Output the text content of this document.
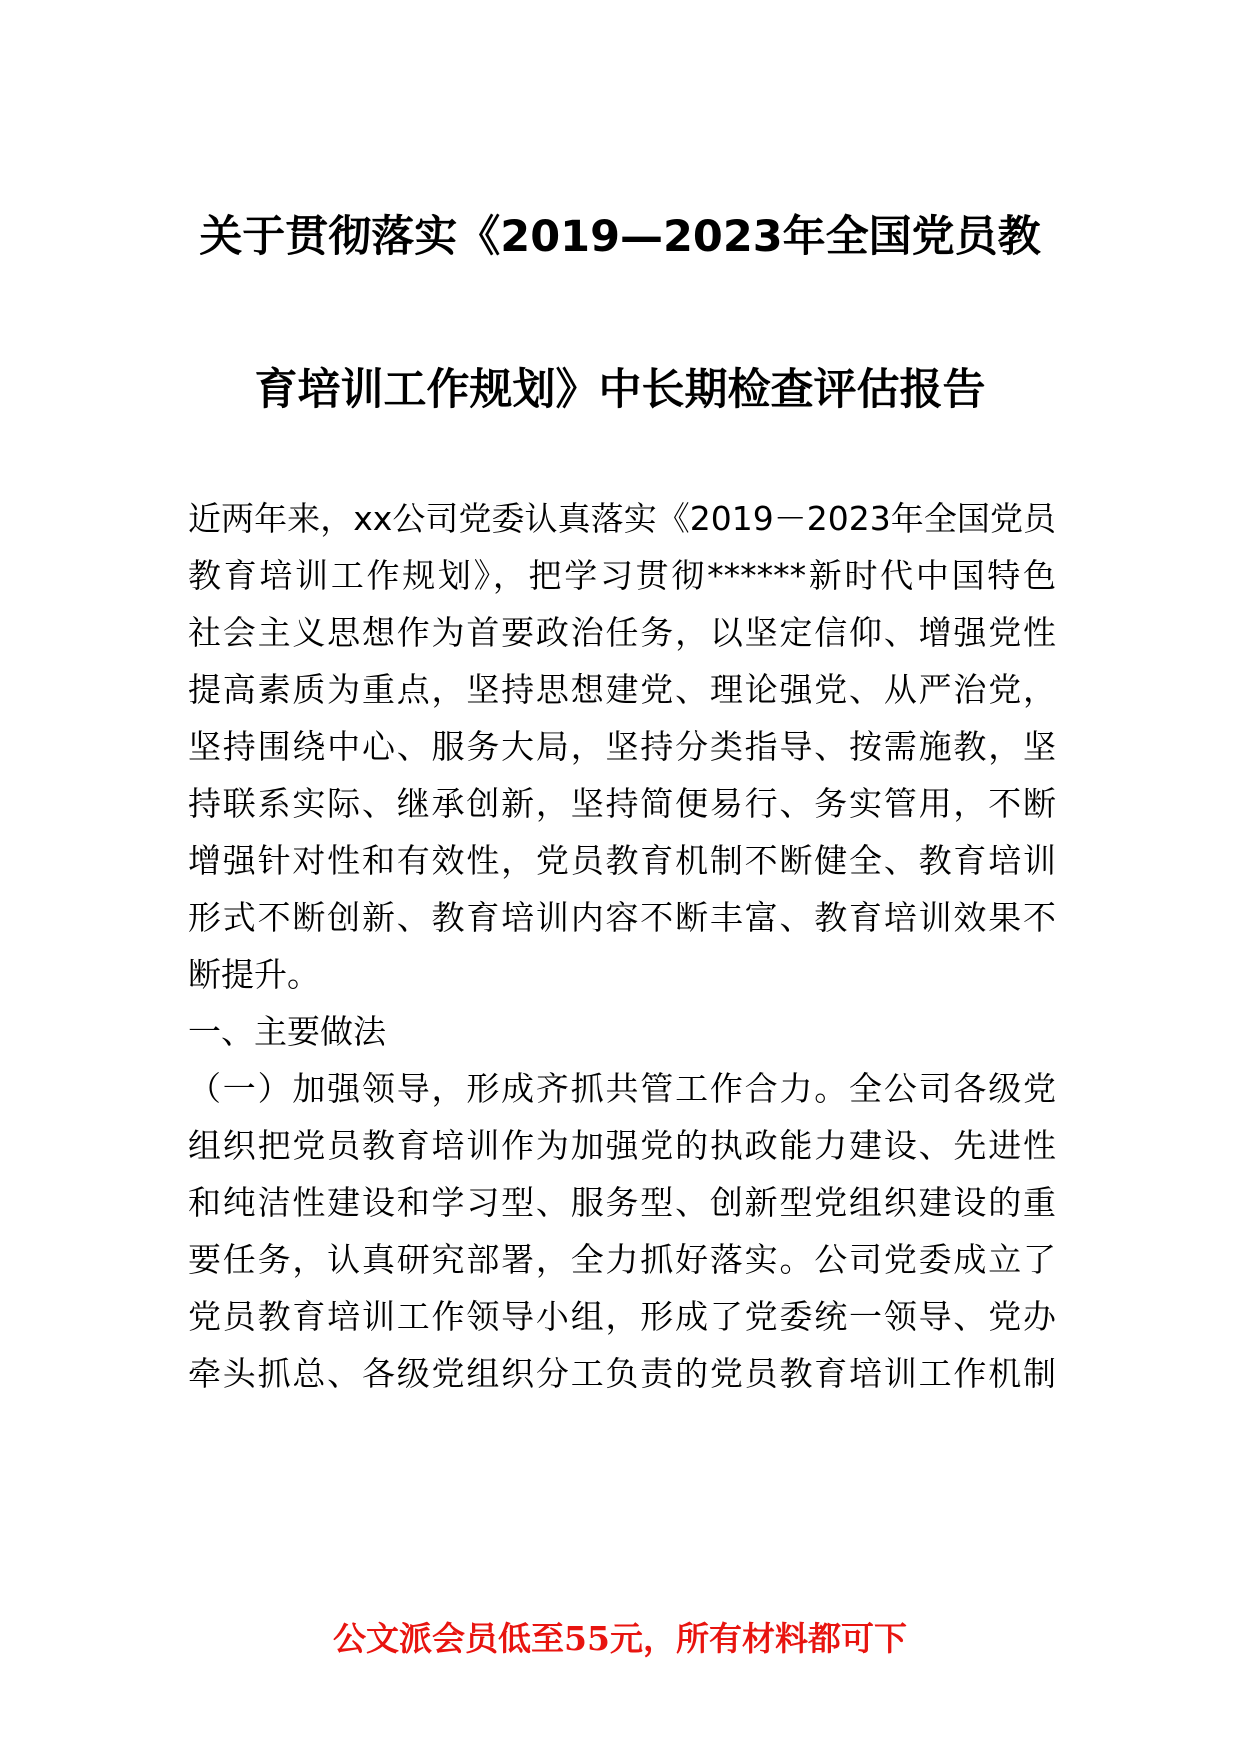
关于贯彻落实《2019—2023年全国党员教
育培训工作规划》中长期检查评估报告
近两年来，xx公司党委认真落实《2019－2023年全国党员
教育培训工作规划》，把学习贯彻******新时代中国特色
社会主义思想作为首要政治任务，以坚定信仰、增强党性
提高素质为重点，坚持思想建党、理论强党、从严治党，
坚持围绕中心、服务大局，坚持分类指导、按需施教，坚
持联系实际、继承创新，坚持简便易行、务实管用，不断
增强针对性和有效性，党员教育机制不断健全、教育培训
形式不断创新、教育培训内容不断丰富、教育培训效果不
断提升。
一、主要做法
（一）加强领导，形成齐抓共管工作合力。全公司各级党
组织把党员教育培训作为加强党的执政能力建设、先进性
和纯洁性建设和学习型、服务型、创新型党组织建设的重
要任务，认真研究部署，全力抓好落实。公司党委成立了
党员教育培训工作领导小组，形成了党委统一领导、党办
牵头抓总、各级党组织分工负责的党员教育培训工作机制
公文派会员低至55元，所有材料都可下
